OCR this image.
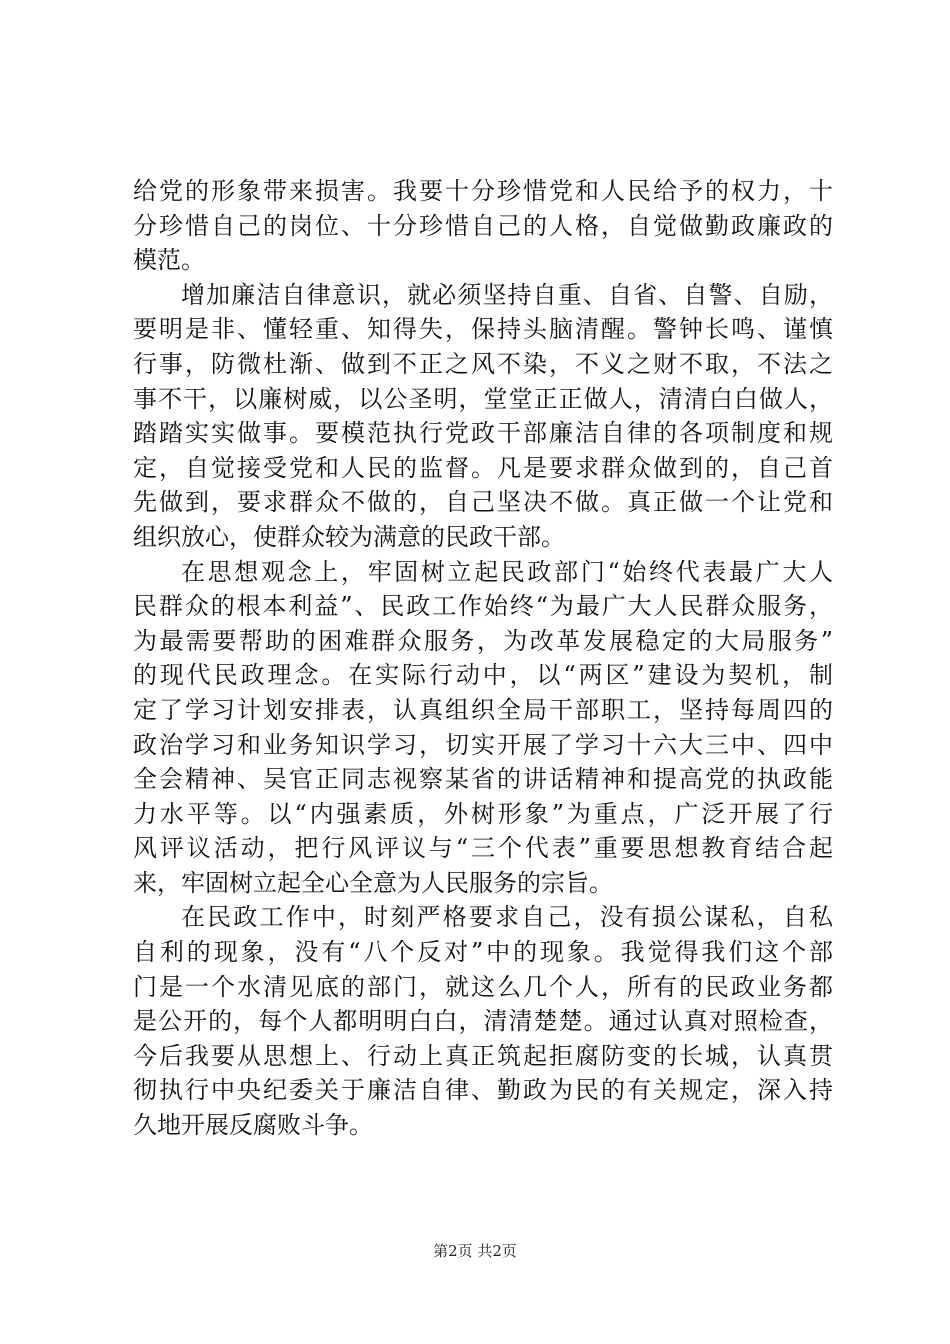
给党的形象带来损害。我要十分珍惜党和人民给予的权力，十
分珍惜自己的岗位、十分珍惜自己的人格，自觉做勤政廉政的
模范。
增加廉洁自律意识，就必须坚持自重、自省、自警、自励，
要明是非、懂轻重、知得失，保持头脑清醒。警钟长鸣、谨慎
行事，防微杜渐、做到不正之风不染，不义之财不取，不法之
事不干，以廉树威，以公圣明，堂堂正正做人，清清白白做人，
踏踏实实做事。要模范执行党政干部廉洁自律的各项制度和规
定，自觉接受党和人民的监督。凡是要求群众做到的，自己首
先做到，要求群众不做的，自己坚决不做。真正做一个让党和
组织放心，使群众较为满意的民政干部。
在思想观念上，牢固树立起民政部门“始终代表最广大人
民群众的根本利益”、民政工作始终“为最广大人民群众服务，
为最需要帮助的困难群众服务，为改革发展稳定的大局服务”
的现代民政理念。在实际行动中，以“两区”建设为契机，制
定了学习计划安排表，认真组织全局干部职工，坚持每周四的
政治学习和业务知识学习，切实开展了学习十六大三中、四中
全会精神、吴官正同志视察某省的讲话精神和提高党的执政能
力水平等。以“内强素质，外树形象”为重点，广泛开展了行
风评议活动，把行风评议与“三个代表”重要思想教育结合起
来，牢固树立起全心全意为人民服务的宗旨。
在民政工作中，时刻严格要求自己，没有损公谋私，自私
自利的现象，没有“八个反对”中的现象。我觉得我们这个部
门是一个水清见底的部门，就这么几个人，所有的民政业务都
是公开的，每个人都明明白白，清清楚楚。通过认真对照检查，
今后我要从思想上、行动上真正筑起拒腐防变的长城，认真贯
彻执行中央纪委关于廉洁自律、勤政为民的有关规定，深入持
久地开展反腐败斗争。
第2页 共2页
